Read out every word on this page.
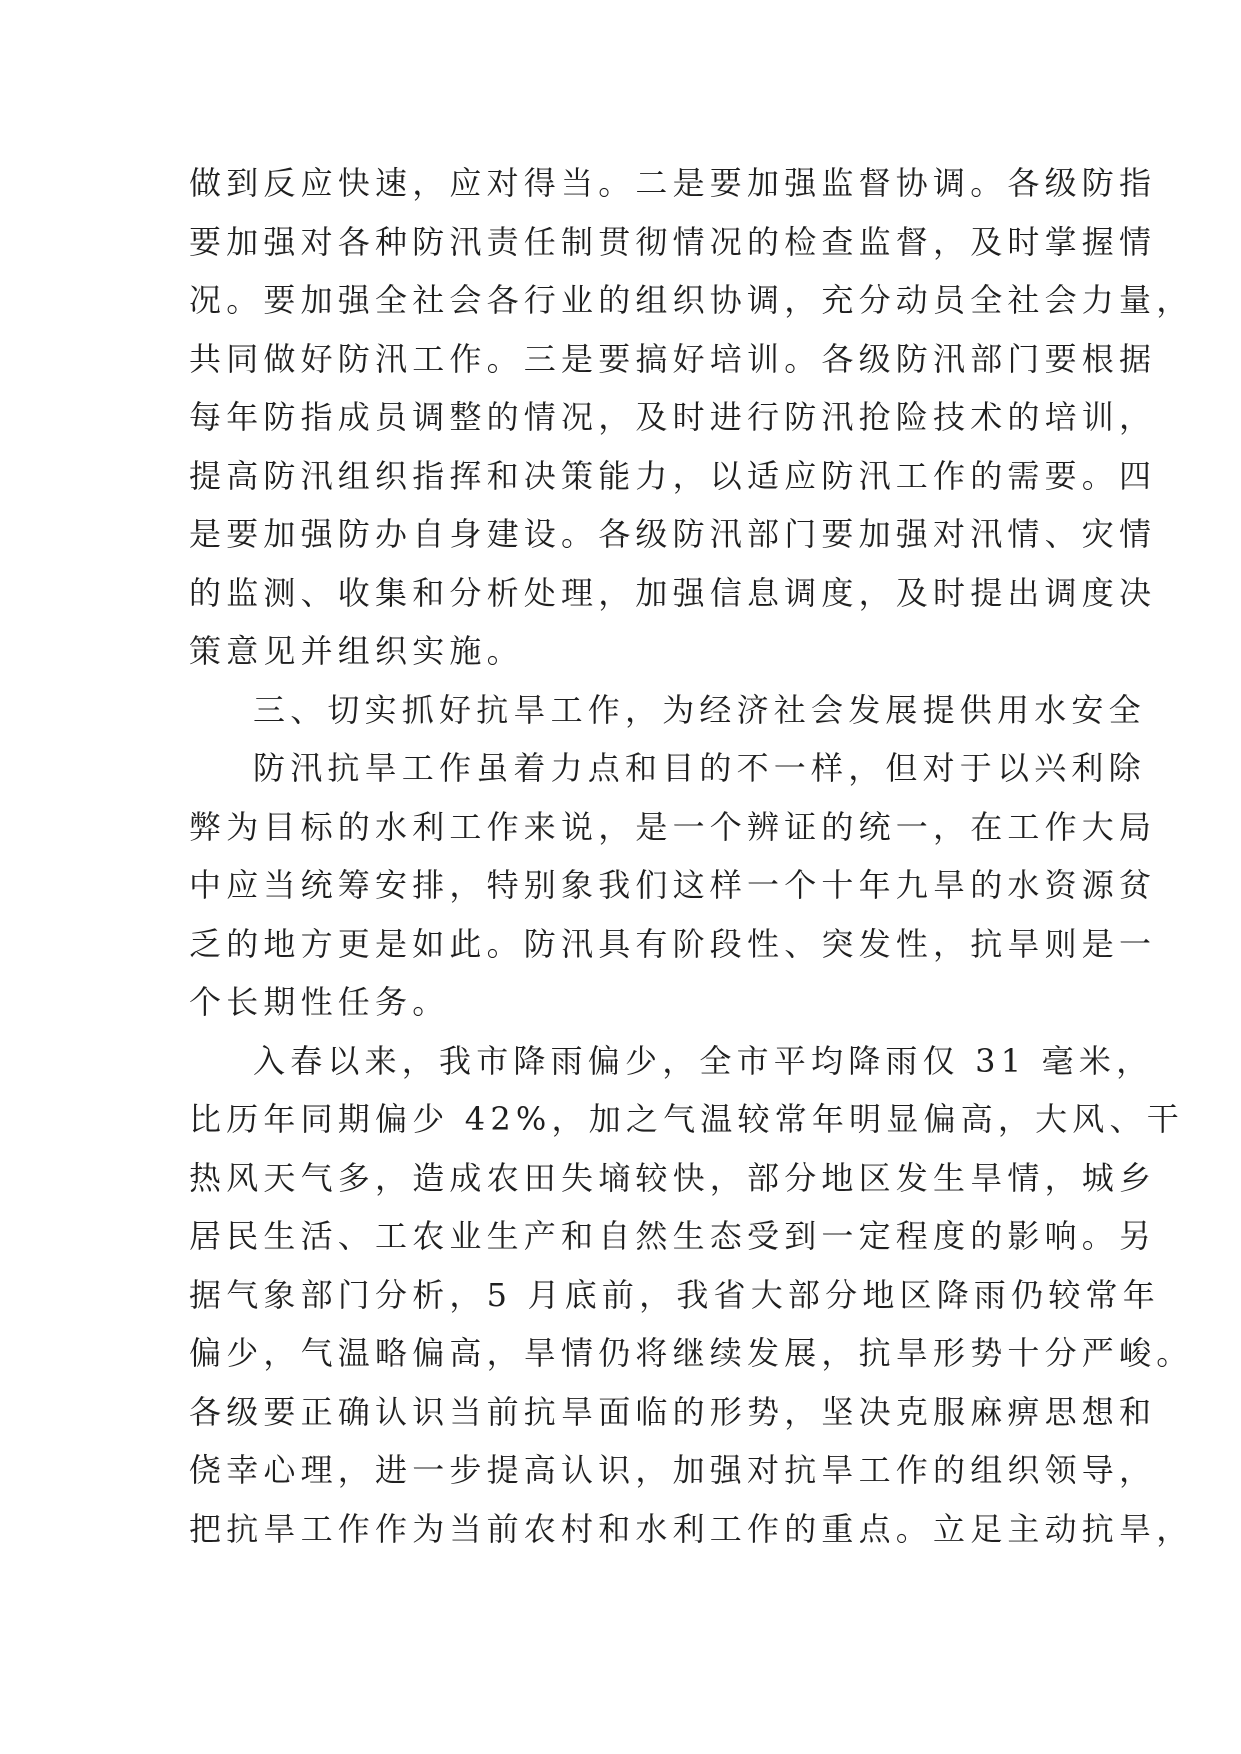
做到反应快速，应对得当。二是要加强监督协调。各级防指
要加强对各种防汛责任制贯彻情况的检查监督，及时掌握情
况。要加强全社会各行业的组织协调，充分动员全社会力量，
共同做好防汛工作。三是要搞好培训。各级防汛部门要根据
每年防指成员调整的情况，及时进行防汛抢险技术的培训，
提高防汛组织指挥和决策能力，以适应防汛工作的需要。四
是要加强防办自身建设。各级防汛部门要加强对汛情、灾情
的监测、收集和分析处理，加强信息调度，及时提出调度决
策意见并组织实施。
三、切实抓好抗旱工作，为经济社会发展提供用水安全
防汛抗旱工作虽着力点和目的不一样，但对于以兴利除
弊为目标的水利工作来说，是一个辨证的统一，在工作大局
中应当统筹安排，特别象我们这样一个十年九旱的水资源贫
乏的地方更是如此。防汛具有阶段性、突发性，抗旱则是一
个长期性任务。
入春以来，我市降雨偏少，全市平均降雨仅 31 毫米，
比历年同期偏少 42%，加之气温较常年明显偏高，大风、干
热风天气多，造成农田失墒较快，部分地区发生旱情，城乡
居民生活、工农业生产和自然生态受到一定程度的影响。另
据气象部门分析，5 月底前，我省大部分地区降雨仍较常年
偏少，气温略偏高，旱情仍将继续发展，抗旱形势十分严峻。
各级要正确认识当前抗旱面临的形势，坚决克服麻痹思想和
侥幸心理，进一步提高认识，加强对抗旱工作的组织领导，
把抗旱工作作为当前农村和水利工作的重点。立足主动抗旱，
